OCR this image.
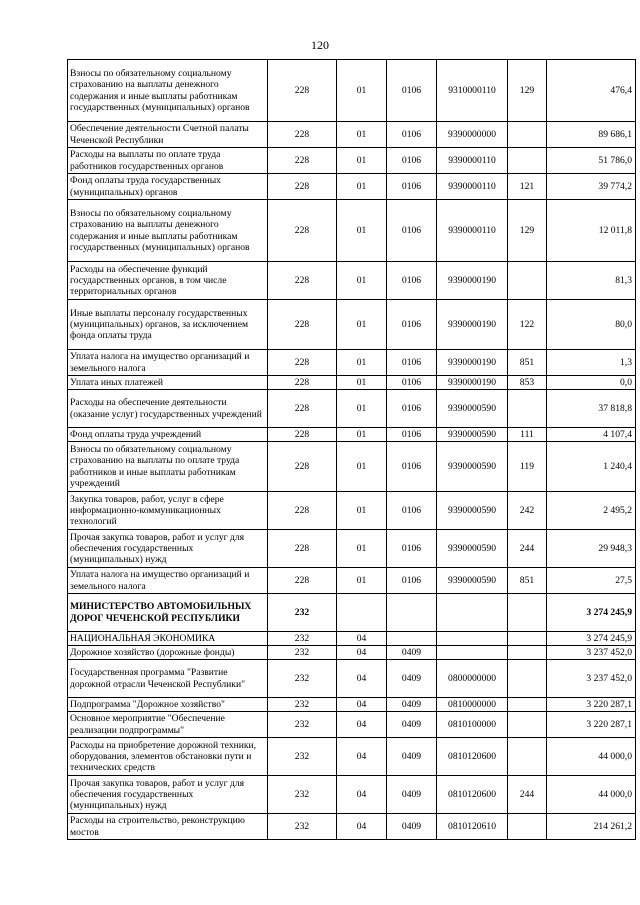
120
Взносы по обязательному социальному страхованию на выплаты денежного содержания и иные выплаты работникам государственных (муниципальных) органов	228	01	0106	9310000110	129	476,4
Обеспечение деятельности Счетной палаты Чеченской Республики	228	01	0106	9390000000		89 686,1
Расходы на выплаты по оплате труда работников государственных органов	228	01	0106	9390000110		51 786,0
Фонд оплаты труда государственных (муниципальных) органов	228	01	0106	9390000110	121	39 774,2
Взносы по обязательному социальному страхованию на выплаты денежного содержания и иные выплаты работникам государственных (муниципальных) органов	228	01	0106	9390000110	129	12 011,8
Расходы на обеспечение функций государственных органов, в том числе территориальных органов	228	01	0106	9390000190		81,3
Иные выплаты персоналу государственных (муниципальных) органов, за исключением фонда оплаты труда	228	01	0106	9390000190	122	80,0
Уплата налога на имущество организаций и земельного налога	228	01	0106	9390000190	851	1,3
Уплата иных платежей	228	01	0106	9390000190	853	0,0
Расходы на обеспечение деятельности (оказание услуг) государственных учреждений	228	01	0106	9390000590		37 818,8
Фонд оплаты труда учреждений	228	01	0106	9390000590	111	4 107,4
Взносы по обязательному социальному страхованию на выплаты по оплате труда работников и иные выплаты работникам учреждений	228	01	0106	9390000590	119	1 240,4
Закупка товаров, работ, услуг в сфере информационно-коммуникационных технологий	228	01	0106	9390000590	242	2 495,2
Прочая закупка товаров, работ и услуг для обеспечения государственных (муниципальных) нужд	228	01	0106	9390000590	244	29 948,3
Уплата налога на имущество организаций и земельного налога	228	01	0106	9390000590	851	27,5
МИНИСТЕРСТВО АВТОМОБИЛЬНЫХ ДОРОГ ЧЕЧЕНСКОЙ РЕСПУБЛИКИ	232					3 274 245,9
НАЦИОНАЛЬНАЯ ЭКОНОМИКА	232	04				3 274 245,9
Дорожное хозяйство (дорожные фонды)	232	04	0409			3 237 452,0
Государственная программа "Развитие дорожной отрасли Чеченской Республики"	232	04	0409	0800000000		3 237 452,0
Подпрограмма "Дорожное хозяйство"	232	04	0409	0810000000		3 220 287,1
Основное мероприятие "Обеспечение реализации подпрограммы"	232	04	0409	0810100000		3 220 287,1
Расходы на приобретение дорожной техники, оборудования, элементов обстановки пути и технических средств	232	04	0409	0810120600		44 000,0
Прочая закупка товаров, работ и услуг для обеспечения государственных (муниципальных) нужд	232	04	0409	0810120600	244	44 000,0
Расходы на строительство, реконструкцию мостов	232	04	0409	0810120610		214 261,2
